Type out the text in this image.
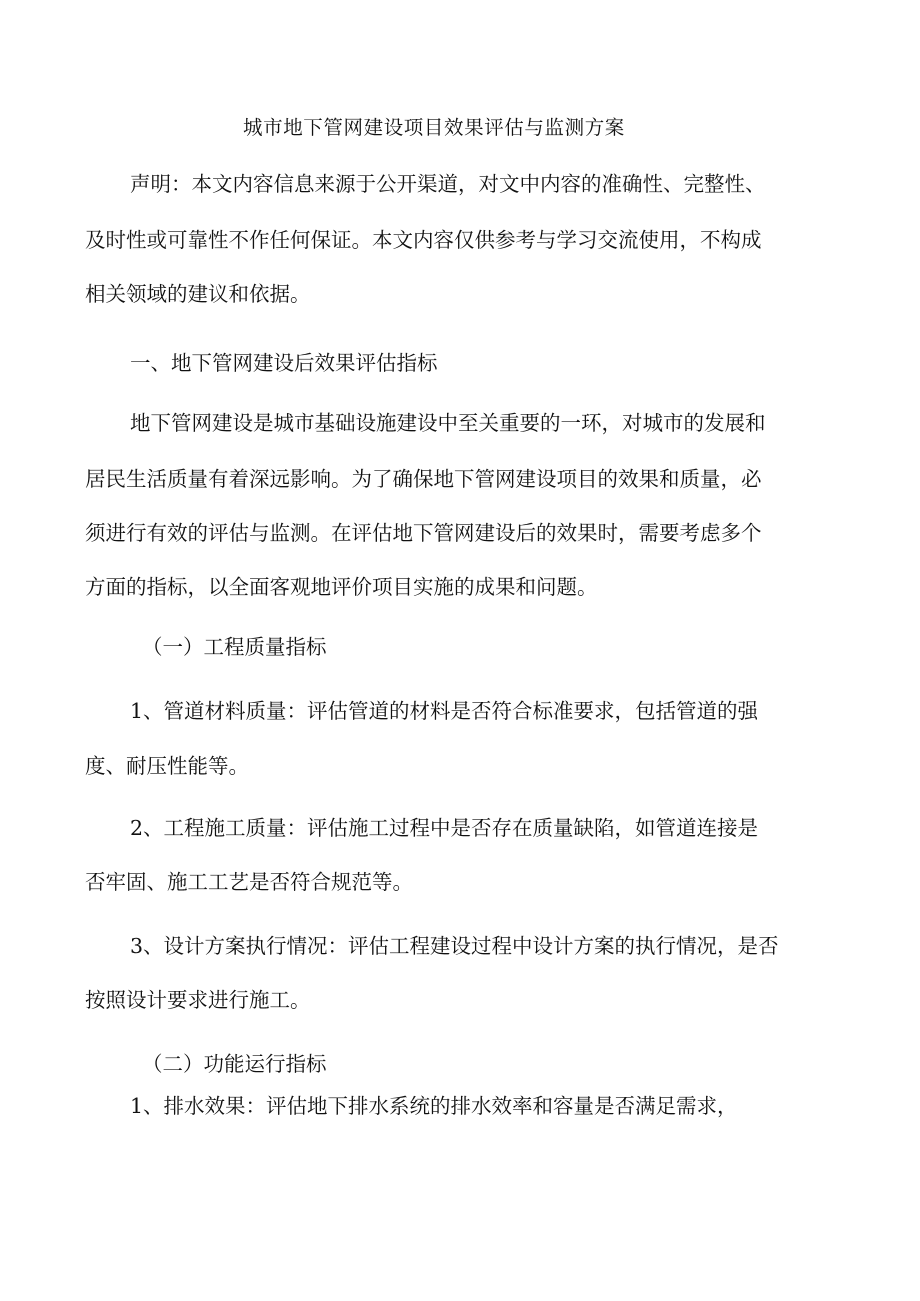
城市地下管网建设项目效果评估与监测方案

声明：本文内容信息来源于公开渠道，对文中内容的准确性、完整性、

及时性或可靠性不作任何保证。本文内容仅供参考与学习交流使用，不构成

相关领域的建议和依据。

一、地下管网建设后效果评估指标

地下管网建设是城市基础设施建设中至关重要的一环，对城市的发展和

居民生活质量有着深远影响。为了确保地下管网建设项目的效果和质量，必

须进行有效的评估与监测。在评估地下管网建设后的效果时，需要考虑多个

方面的指标，以全面客观地评价项目实施的成果和问题。

（一）工程质量指标

1、管道材料质量：评估管道的材料是否符合标准要求，包括管道的强

度、耐压性能等。

2、工程施工质量：评估施工过程中是否存在质量缺陷，如管道连接是

否牢固、施工工艺是否符合规范等。

3、设计方案执行情况：评估工程建设过程中设计方案的执行情况，是否

按照设计要求进行施工。

（二）功能运行指标

1、排水效果：评估地下排水系统的排水效率和容量是否满足需求，
